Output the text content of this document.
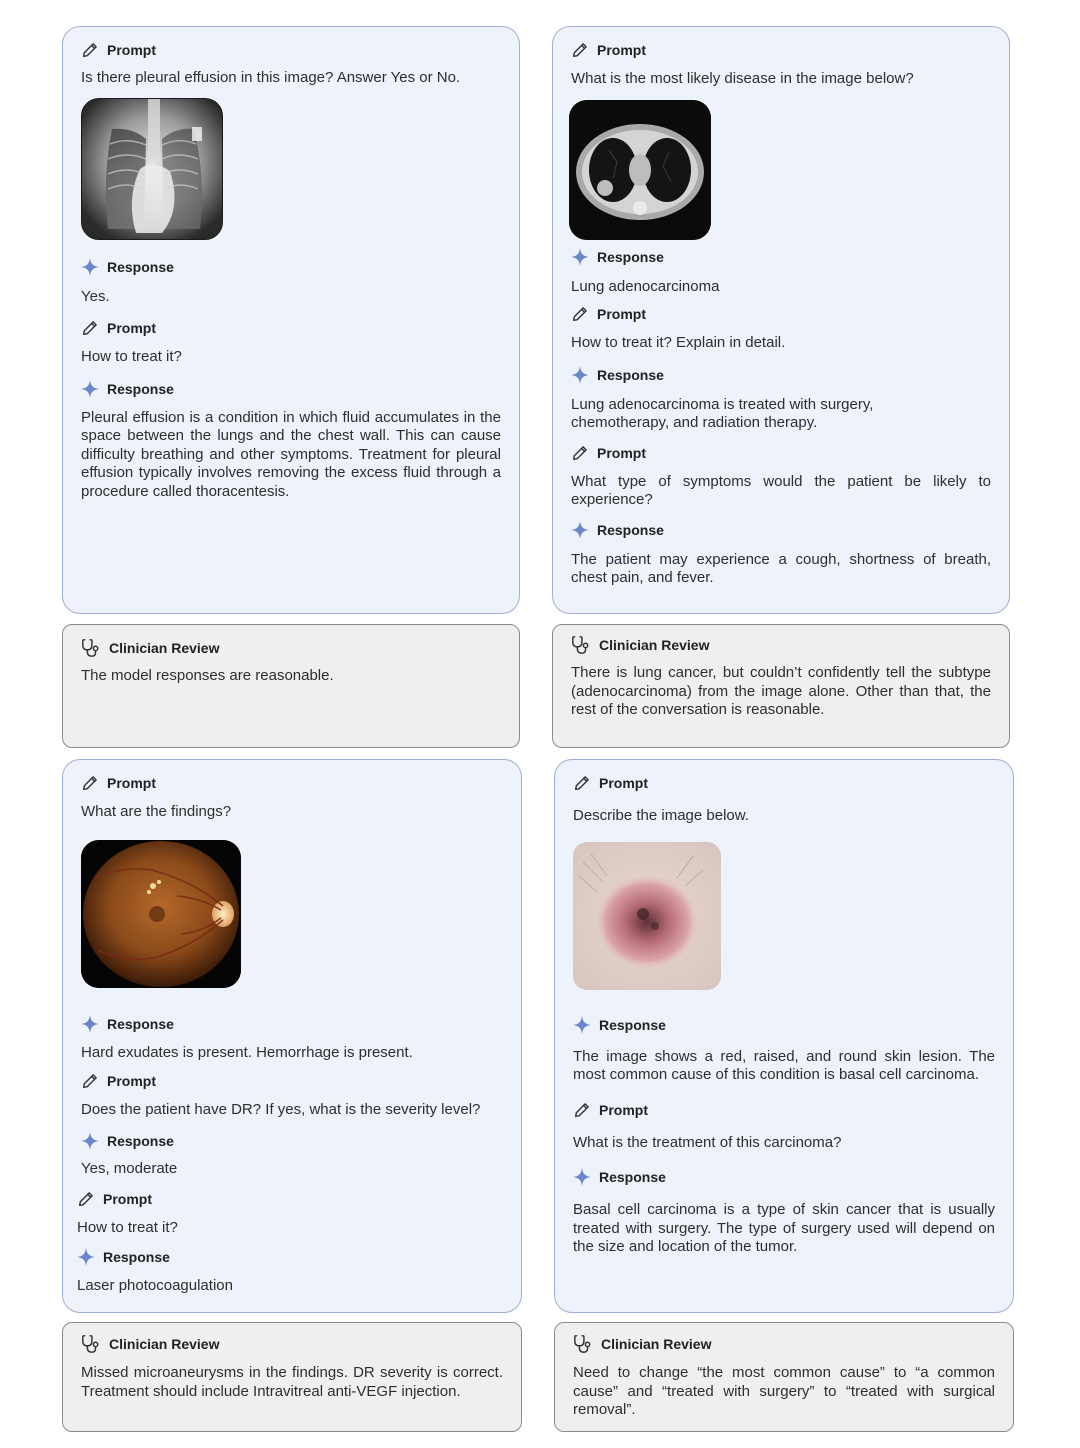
Prompt
Is there pleural effusion in this image? Answer Yes or No.
Response
Yes.
Prompt
How to treat it?
Response
Pleural effusion is a condition in which fluid accumulates in the space between the lungs and the chest wall. This can cause difficulty breathing and other symptoms. Treatment for pleural effusion typically involves removing the excess fluid through a procedure called thoracentesis.
Clinician Review
The model responses are reasonable.
Prompt
What is the most likely disease in the image below?
Response
Lung adenocarcinoma
Prompt
How to treat it? Explain in detail.
Response
Lung adenocarcinoma is treated with surgery, chemotherapy, and radiation therapy.
Prompt
What type of symptoms would the patient be likely to experience?
Response
The patient may experience a cough, shortness of breath, chest pain, and fever.
Clinician Review
There is lung cancer, but couldn’t confidently tell the subtype (adenocarcinoma) from the image alone. Other than that, the rest of the conversation is reasonable.
Prompt
What are the findings?
Response
Hard exudates is present. Hemorrhage is present.
Prompt
Does the patient have DR? If yes, what is the severity level?
Response
Yes, moderate
Prompt
How to treat it?
Response
Laser photocoagulation
Clinician Review
Missed microaneurysms in the findings. DR severity is correct. Treatment should include Intravitreal anti-VEGF injection.
Prompt
Describe the image below.
Response
The image shows a red, raised, and round skin lesion. The most common cause of this condition is basal cell carcinoma.
Prompt
What is the treatment of this carcinoma?
Response
Basal cell carcinoma is a type of skin cancer that is usually treated with surgery. The type of surgery used will depend on the size and location of the tumor.
Clinician Review
Need to change “the most common cause” to “a common cause” and “treated with surgery” to “treated with surgical removal”.
